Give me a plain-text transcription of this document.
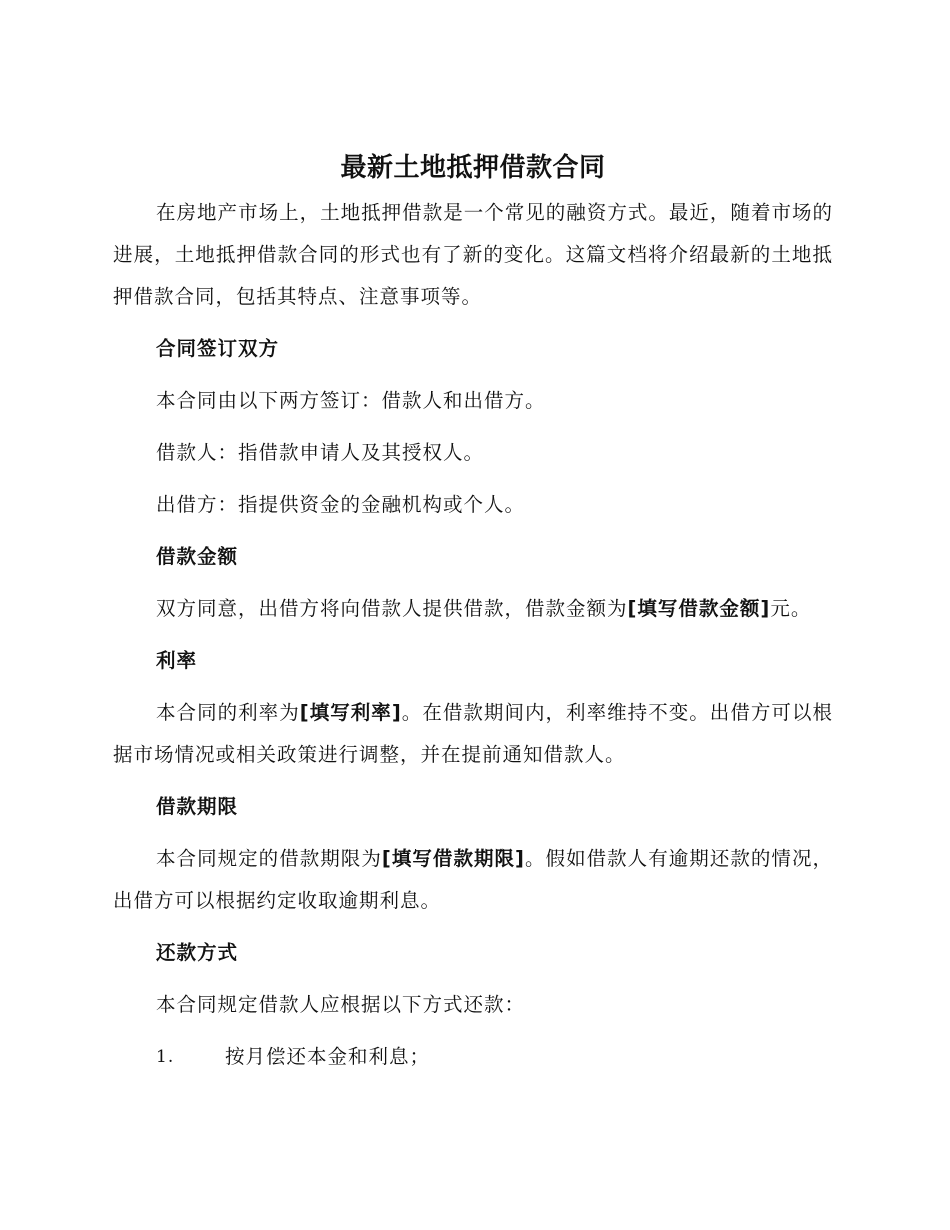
最新土地抵押借款合同

在房地产市场上，土地抵押借款是一个常见的融资方式。最近，随着市场的进展，土地抵押借款合同的形式也有了新的变化。这篇文档将介绍最新的土地抵押借款合同，包括其特点、注意事项等。

合同签订双方
本合同由以下两方签订：借款人和出借方。
借款人：指借款申请人及其授权人。
出借方：指提供资金的金融机构或个人。
借款金额

双方同意，出借方将向借款人提供借款，借款金额为[填写借款金额]元。

利率

本合同的利率为[填写利率]。在借款期间内，利率维持不变。出借方可以根据市场情况或相关政策进行调整，并在提前通知借款人。

借款期限

本合同规定的借款期限为[填写借款期限]。假如借款人有逾期还款的情况，出借方可以根据约定收取逾期利息。

还款方式
本合同规定借款人应根据以下方式还款：
1.	按月偿还本金和利息；
